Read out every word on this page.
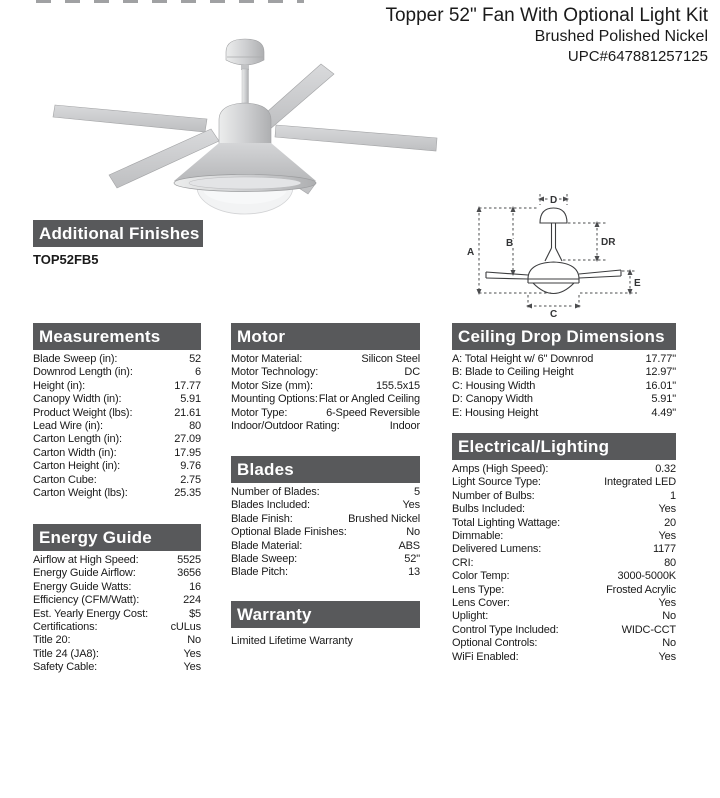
Topper 52" Fan With Optional Light Kit
Brushed Polished Nickel
UPC#647881257125
Additional Finishes
TOP52FB5	A
B
C
D
E
DR
Measurements
Blade Sweep (in):	52
Downrod Length (in):	6
Height (in):	17.77
Canopy Width (in):	5.91
Product Weight (lbs):	21.61
Lead Wire (in):	80
Carton Length (in):	27.09
Carton Width (in):	17.95
Carton Height (in):	9.76
Carton Cube:	2.75
Carton Weight (lbs):	25.35
Energy Guide
Airflow at High Speed:	5525
Energy Guide Airflow:	3656
Energy Guide Watts:	16
Efficiency (CFM/Watt):	224
Est. Yearly Energy Cost:	$5
Certifications:	cULus
Title 20:	No
Title 24 (JA8):	Yes
Safety Cable:	Yes
Motor
Motor Material:	Silicon Steel
Motor Technology:	DC
Motor Size (mm):	155.5x15
Mounting Options: Flat or Angled Ceiling
Motor Type:	6-Speed Reversible
Indoor/Outdoor Rating:	Indoor
Blades
Number of Blades:	5
Blades Included:	Yes
Blade Finish:	Brushed Nickel
Optional Blade Finishes:	No
Blade Material:	ABS
Blade Sweep:	52"
Blade Pitch:	13
Warranty
Limited Lifetime Warranty
Ceiling Drop Dimensions
A: Total Height w/ 6" Downrod	17.77"
B: Blade to Ceiling Height	12.97"
C: Housing Width	16.01"
D: Canopy Width	5.91"
E: Housing Height	4.49"
Electrical/Lighting
Amps (High Speed):	0.32
Light Source Type:	Integrated LED
Number of Bulbs:	1
Bulbs Included:	Yes
Total Lighting Wattage:	20
Dimmable:	Yes
Delivered Lumens:	1177
CRI:	80
Color Temp:	3000-5000K
Lens Type:	Frosted Acrylic
Lens Cover:	Yes
Uplight:	No
Control Type Included:	WIDC-CCT
Optional Controls:	No
WiFi Enabled:	Yes
